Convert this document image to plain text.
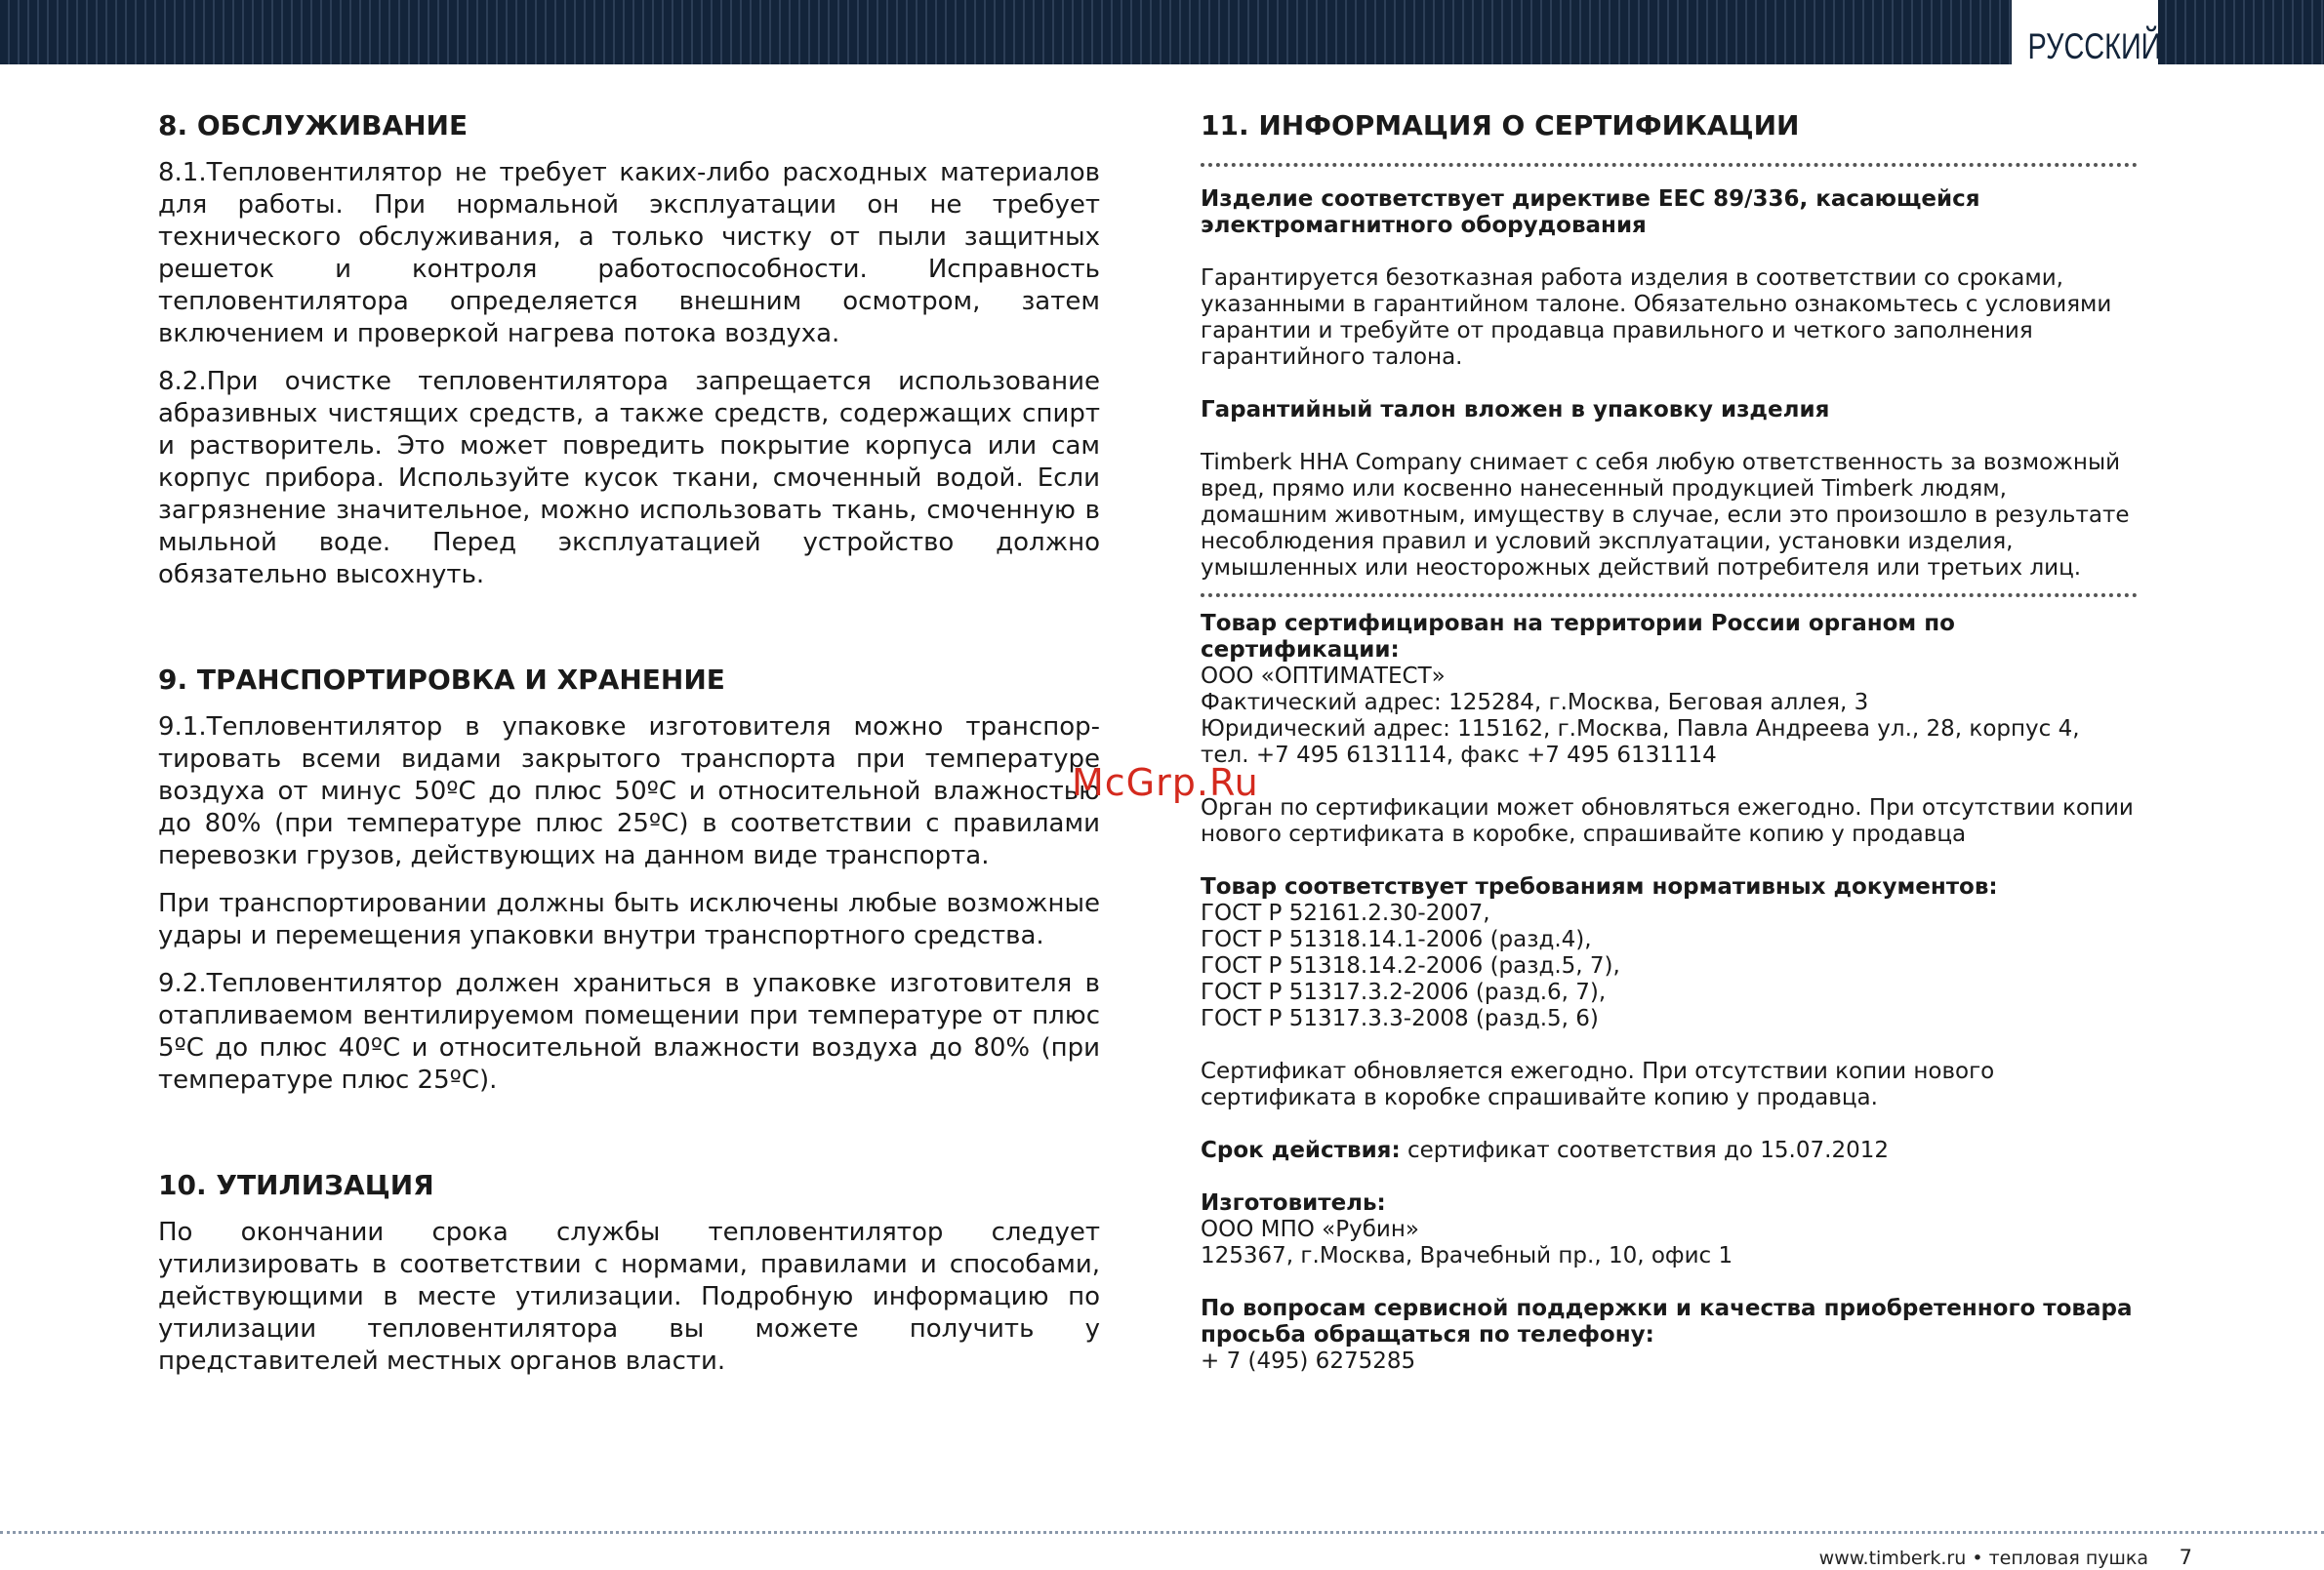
РУССКИЙ
8. ОБСЛУЖИВАНИЕ

8.1.Тепловентилятор не требует каких-либо расходных материалов для работы. При нормальной эксплуатации он не требует технического обслуживания, а только чистку от пыли защитных решеток и контроля работоспособности. Исправность тепловентилятора определяется внешним осмотром, затем включением и проверкой нагрева потока воздуха.

8.2.При очистке тепловентилятора запрещается использование абразивных чистящих средств, а также средств, содержащих спирт и растворитель. Это может повредить покрытие корпуса или сам корпус прибора. Используйте кусок ткани, смоченный водой. Если загрязнение значительное, можно использовать ткань, смоченную в мыльной воде. Перед эксплуатацией устройство должно обязательно высохнуть.

9. ТРАНСПОРТИРОВКА И ХРАНЕНИЕ

9.1.Тепловентилятор в упаковке изготовителя можно транспор-тировать всеми видами закрытого транспорта при температуре воздуха от минус 50ºС до плюс 50ºС и относительной влажностью до 80% (при температуре плюс 25ºС) в соответствии с правилами перевозки грузов, действующих на данном виде транспорта.

При транспортировании должны быть исключены любые возможные удары и перемещения упаковки внутри транспортного средства.

9.2.Тепловентилятор должен храниться в упаковке изготовителя в отапливаемом вентилируемом помещении при температуре от плюс 5ºС до плюс 40ºС и относительной влажности воздуха до 80% (при температуре плюс 25ºС).

10. УТИЛИЗАЦИЯ

По окончании срока службы тепловентилятор следует утилизировать в соответствии с нормами, правилами и способами, действующими в месте утилизации. Подробную информацию по утилизации тепловентилятора вы можете получить у представителей местных органов власти.

11. ИНФОРМАЦИЯ О СЕРТИФИКАЦИИ
Изделие соответствует директиве ЕЕС 89/336, касающейся электромагнитного оборудования
Гарантируется безотказная работа изделия в соответствии со сроками, указанными в гарантийном талоне. Обязательно ознакомьтесь с условиями гарантии и требуйте от продавца правильного и четкого заполнения гарантийного талона.
Гарантийный талон вложен в упаковку изделия
Timberk HHA Company снимает с себя любую ответственность за возможный вред, прямо или косвенно нанесенный продукцией Timberk людям, домашним животным, имуществу в случае, если это произошло в результате несоблюдения правил и условий эксплуатации, установки изделия, умышленных или неосторожных действий потребителя или третьих лиц.
Товар сертифицирован на территории России органом по сертификации:
ООО «ОПТИМАТЕСТ»
Фактический адрес: 125284, г.Москва, Беговая аллея, 3
Юридический адрес: 115162, г.Москва, Павла Андреева ул., 28, корпус 4,
тел. +7 495 6131114, факс +7 495 6131114
Орган по сертификации может обновляться ежегодно. При отсутствии копии нового сертификата в коробке, спрашивайте копию у продавца
Товар соответствует требованиям нормативных документов:
ГОСТ Р 52161.2.30-2007,
ГОСТ Р 51318.14.1-2006 (разд.4),
ГОСТ Р 51318.14.2-2006 (разд.5, 7),
ГОСТ Р 51317.3.2-2006 (разд.6, 7),
ГОСТ Р 51317.3.3-2008 (разд.5, 6)
Сертификат обновляется ежегодно. При отсутствии копии нового сертификата в коробке спрашивайте копию у продавца.
Срок действия: сертификат соответствия до 15.07.2012
Изготовитель:
ООО МПО «Рубин»
125367, г.Москва, Врачебный пр., 10, офис 1
По вопросам сервисной поддержки и качества приобретенного товара просьба обращаться по телефону:
+ 7 (495) 6275285
McGrp.Ru
www.timberk.ru • тепловая пушка 7
